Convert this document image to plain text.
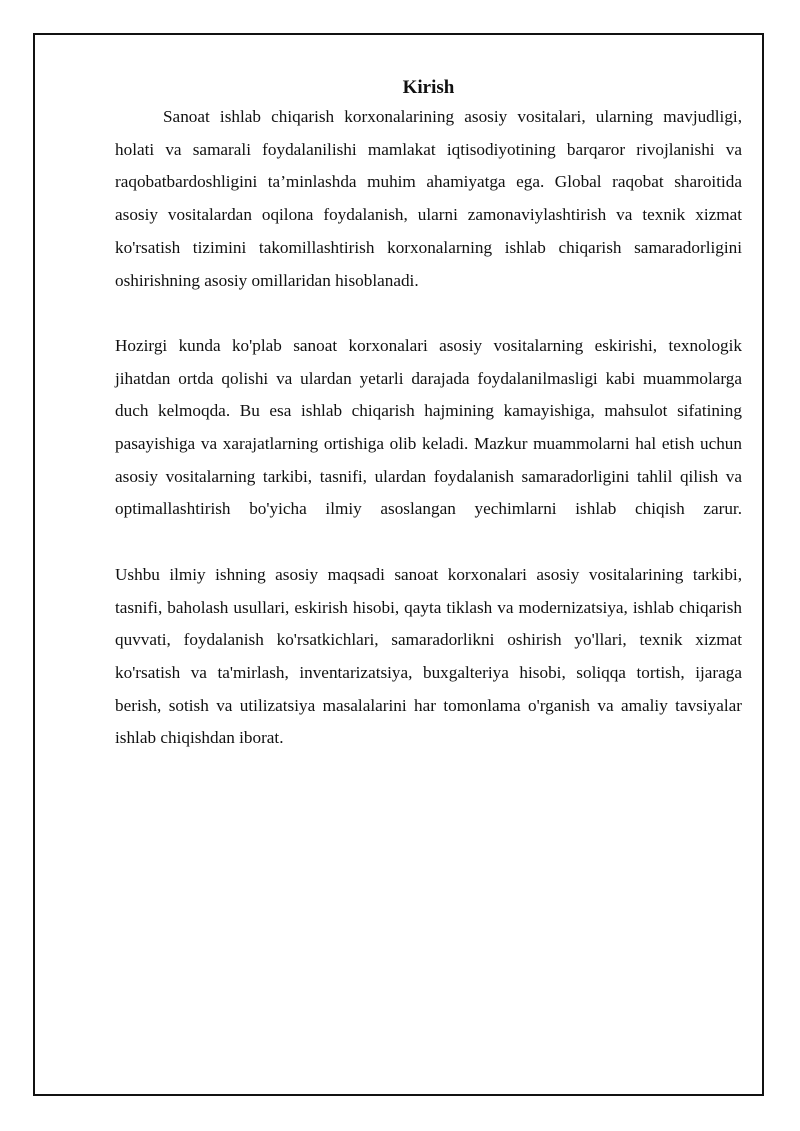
Kirish

Sanoat ishlab chiqarish korxonalarining asosiy vositalari, ularning mavjudligi, holati va samarali foydalanilishi mamlakat iqtisodiyotining barqaror rivojlanishi va raqobatbardoshligini ta’minlashda muhim ahamiyatga ega. Global raqobat sharoitida asosiy vositalardan oqilona foydalanish, ularni zamonaviylashtirish va texnik xizmat ko'rsatish tizimini takomillashtirish korxonalarning ishlab chiqarish samaradorligini oshirishning asosiy omillaridan hisoblanadi.

Hozirgi kunda ko'plab sanoat korxonalari asosiy vositalarning eskirishi, texnologik jihatdan ortda qolishi va ulardan yetarli darajada foydalanilmasligi kabi muammolarga duch kelmoqda. Bu esa ishlab chiqarish hajmining kamayishiga, mahsulot sifatining pasayishiga va xarajatlarning ortishiga olib keladi. Mazkur muammolarni hal etish uchun asosiy vositalarning tarkibi, tasnifi, ulardan foydalanish samaradorligini tahlil qilish va optimallashtirish bo'yicha ilmiy asoslangan yechimlarni ishlab chiqish zarur.

Ushbu ilmiy ishning asosiy maqsadi sanoat korxonalari asosiy vositalarining tarkibi, tasnifi, baholash usullari, eskirish hisobi, qayta tiklash va modernizatsiya, ishlab chiqarish quvvati, foydalanish ko'rsatkichlari, samaradorlikni oshirish yo'llari, texnik xizmat ko'rsatish va ta'mirlash, inventarizatsiya, buxgalteriya hisobi, soliqqa tortish, ijaraga berish, sotish va utilizatsiya masalalarini har tomonlama o'rganish va amaliy tavsiyalar ishlab chiqishdan iborat.
